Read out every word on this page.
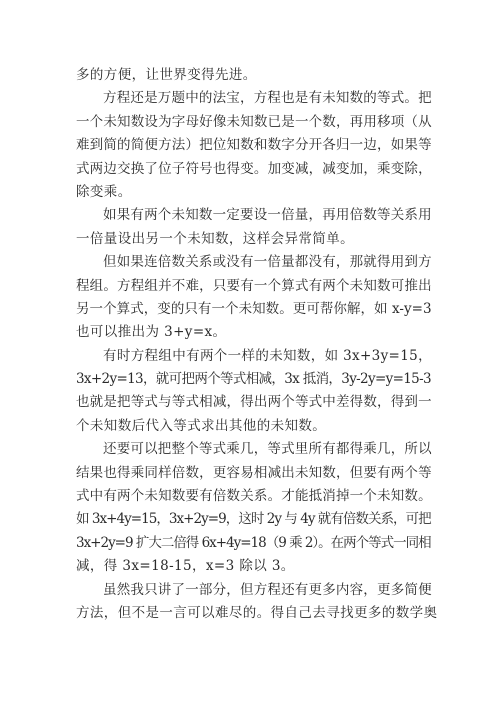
多的方便，让世界变得先进。
方程还是万题中的法宝，方程也是有未知数的等式。把
一个未知数设为字母好像未知数已是一个数，再用移项（从
难到简的简便方法）把位知数和数字分开各归一边，如果等
式两边交换了位子符号也得变。加变减，减变加，乘变除，
除变乘。
如果有两个未知数一定要设一倍量，再用倍数等关系用
一倍量设出另一个未知数，这样会异常简单。
但如果连倍数关系或没有一倍量都没有，那就得用到方
程组。方程组并不难，只要有一个算式有两个未知数可推出
另一个算式，变的只有一个未知数。更可帮你解，如 x-y=3
也可以推出为 3+y=x。
有时方程组中有两个一样的未知数，如 3x+3y=15，
3x+2y=13，就可把两个等式相减，3x 抵消，3y-2y=y=15-3
也就是把等式与等式相减，得出两个等式中差得数，得到一
个未知数后代入等式求出其他的未知数。
还要可以把整个等式乘几，等式里所有都得乘几，所以
结果也得乘同样倍数，更容易相减出未知数，但要有两个等
式中有两个未知数要有倍数关系。才能抵消掉一个未知数。
如 3x+4y=15，3x+2y=9，这时 2y 与 4y 就有倍数关系，可把
3x+2y=9 扩大二倍得 6x+4y=18（9 乘 2）。在两个等式一同相
减，得 3x=18-15，x=3 除以 3。
虽然我只讲了一部分，但方程还有更多内容，更多简便
方法，但不是一言可以难尽的。得自己去寻找更多的数学奥
